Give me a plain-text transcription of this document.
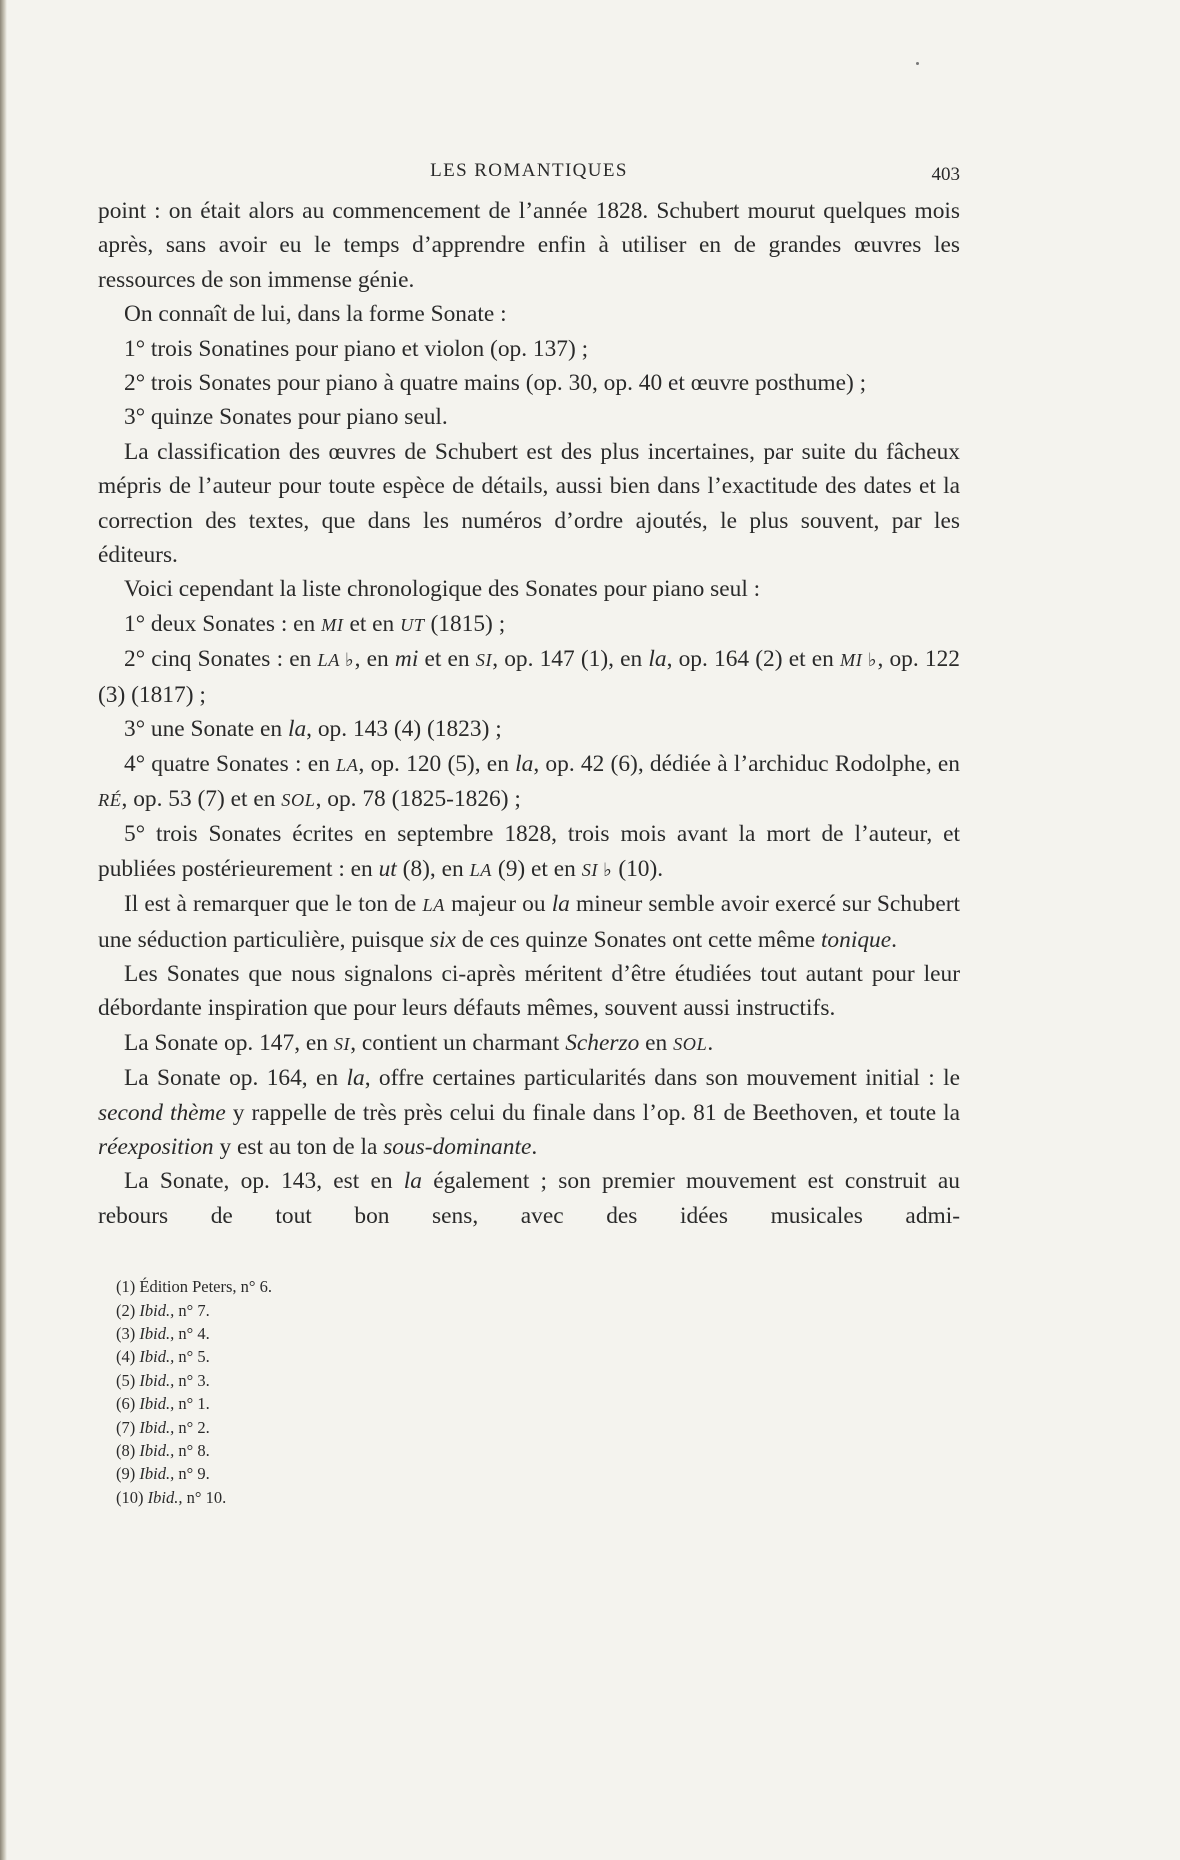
LES ROMANTIQUES	403

point : on était alors au commencement de l’année 1828. Schubert mourut quelques mois après, sans avoir eu le temps d’apprendre enfin à utiliser en de grandes œuvres les ressources de son immense génie.

On connaît de lui, dans la forme Sonate :

1° trois Sonatines pour piano et violon (op. 137) ;

2° trois Sonates pour piano à quatre mains (op. 30, op. 40 et œuvre posthume) ;

3° quinze Sonates pour piano seul.

La classification des œuvres de Schubert est des plus incertaines, par suite du fâcheux mépris de l’auteur pour toute espèce de détails, aussi bien dans l’exactitude des dates et la correction des textes, que dans les numéros d’ordre ajoutés, le plus souvent, par les éditeurs.

Voici cependant la liste chronologique des Sonates pour piano seul :

1° deux Sonates : en MI et en UT (1815) ;

2° cinq Sonates : en LA ♭, en mi et en SI, op. 147 (1), en la, op. 164 (2) et en MI ♭, op. 122 (3) (1817) ;

3° une Sonate en la, op. 143 (4) (1823) ;

4° quatre Sonates : en LA, op. 120 (5), en la, op. 42 (6), dédiée à l’archiduc Rodolphe, en RÉ, op. 53 (7) et en SOL, op. 78 (1825-1826) ;

5° trois Sonates écrites en septembre 1828, trois mois avant la mort de l’auteur, et publiées postérieurement : en ut (8), en LA (9) et en SI ♭ (10).

Il est à remarquer que le ton de LA majeur ou la mineur semble avoir exercé sur Schubert une séduction particulière, puisque six de ces quinze Sonates ont cette même tonique.

Les Sonates que nous signalons ci-après méritent d’être étudiées tout autant pour leur débordante inspiration que pour leurs défauts mêmes, souvent aussi instructifs.

La Sonate op. 147, en SI, contient un charmant Scherzo en SOL.

La Sonate op. 164, en la, offre certaines particularités dans son mouvement initial : le second thème y rappelle de très près celui du finale dans l’op. 81 de Beethoven, et toute la réexposition y est au ton de la sous-dominante.

La Sonate, op. 143, est en la également ; son premier mouvement est construit au rebours de tout bon sens, avec des idées musicales admi-

(1) Édition Peters, n° 6.

(2) Ibid., n° 7.

(3) Ibid., n° 4.

(4) Ibid., n° 5.

(5) Ibid., n° 3.

(6) Ibid., n° 1.

(7) Ibid., n° 2.

(8) Ibid., n° 8.

(9) Ibid., n° 9.

(10) Ibid., n° 10.
